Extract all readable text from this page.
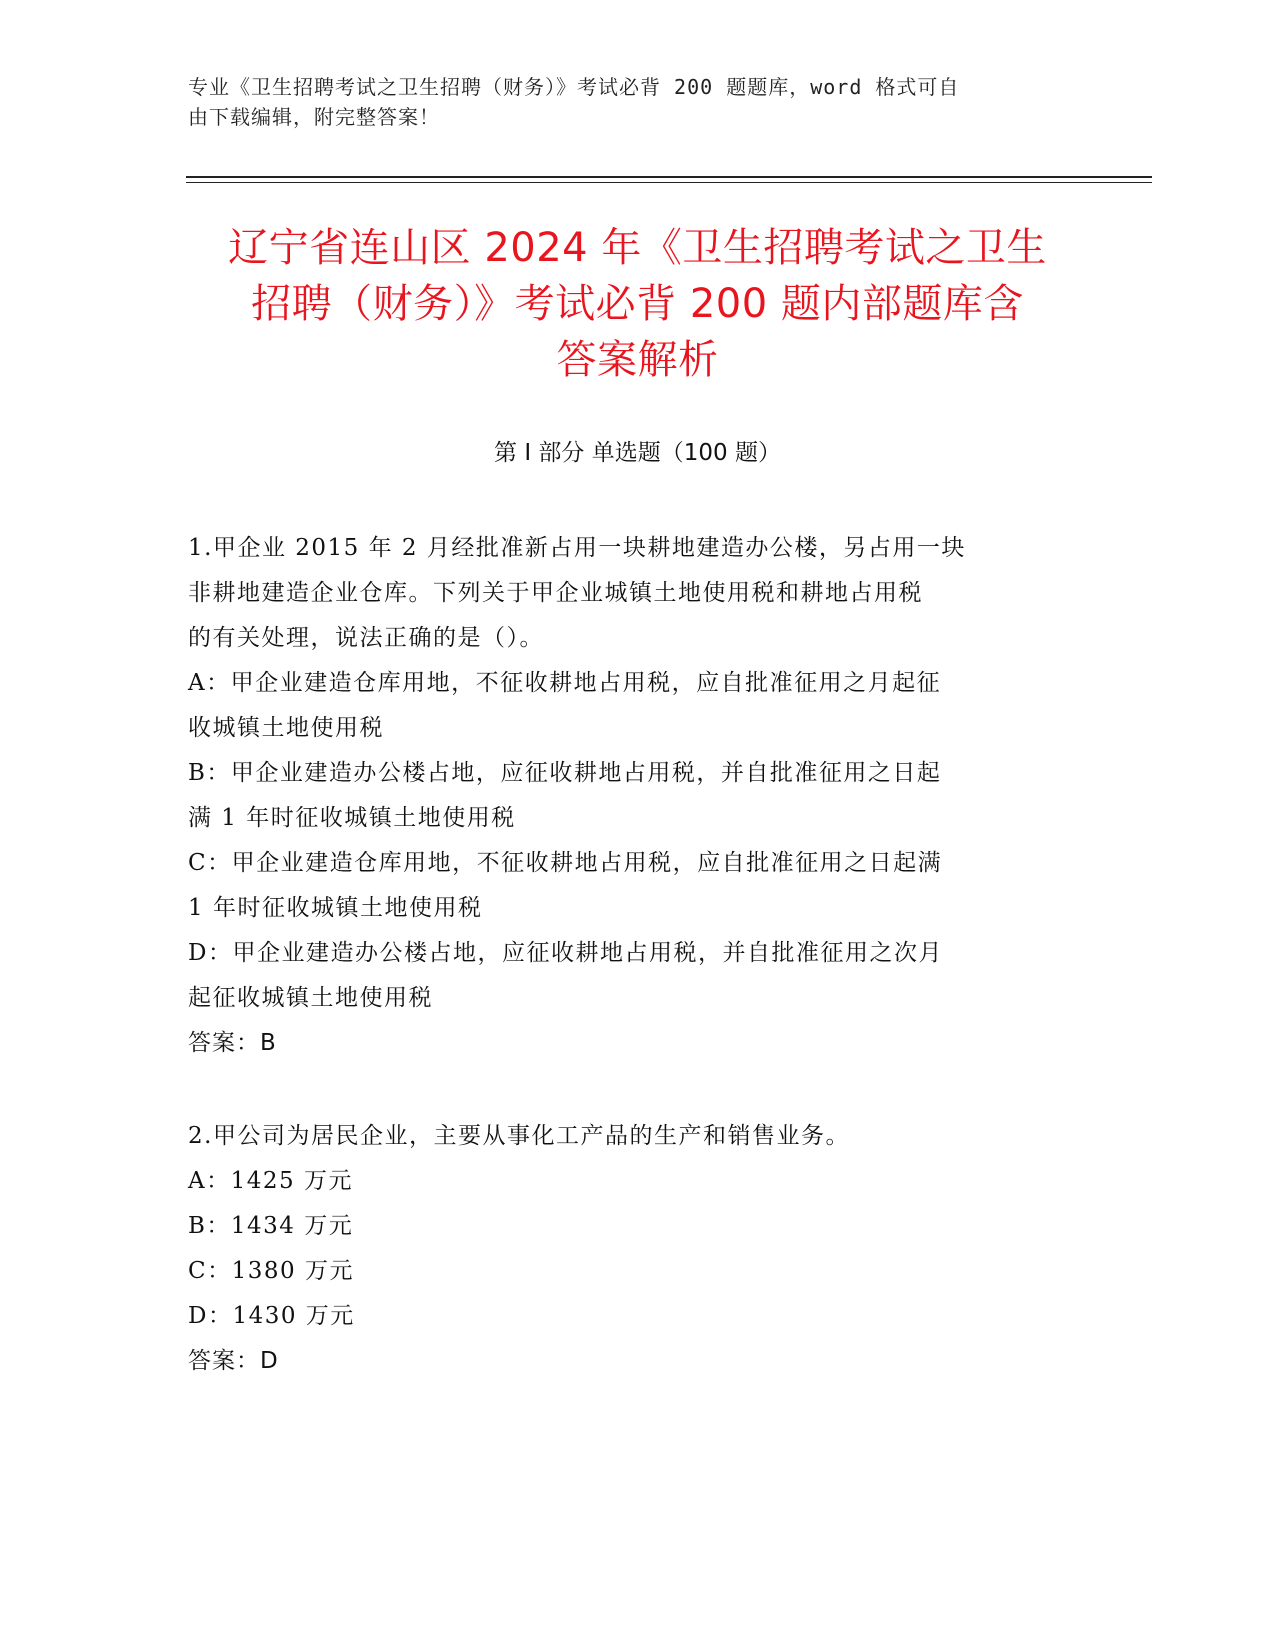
专业《卫生招聘考试之卫生招聘（财务）》考试必背 200 题题库，word 格式可自
由下载编辑，附完整答案！
辽宁省连山区 2024 年《卫生招聘考试之卫生
招聘（财务）》考试必背 200 题内部题库含
答案解析
第 I 部分 单选题（100 题）
1.甲企业 2015 年 2 月经批准新占用一块耕地建造办公楼，另占用一块
非耕地建造企业仓库。下列关于甲企业城镇土地使用税和耕地占用税
的有关处理，说法正确的是（）。
A：甲企业建造仓库用地，不征收耕地占用税，应自批准征用之月起征
收城镇土地使用税
B：甲企业建造办公楼占地，应征收耕地占用税，并自批准征用之日起
满 1 年时征收城镇土地使用税
C：甲企业建造仓库用地，不征收耕地占用税，应自批准征用之日起满
1 年时征收城镇土地使用税
D：甲企业建造办公楼占地，应征收耕地占用税，并自批准征用之次月
起征收城镇土地使用税
答案：B
2.甲公司为居民企业，主要从事化工产品的生产和销售业务。
A：1425 万元
B：1434 万元
C：1380 万元
D：1430 万元
答案：D
